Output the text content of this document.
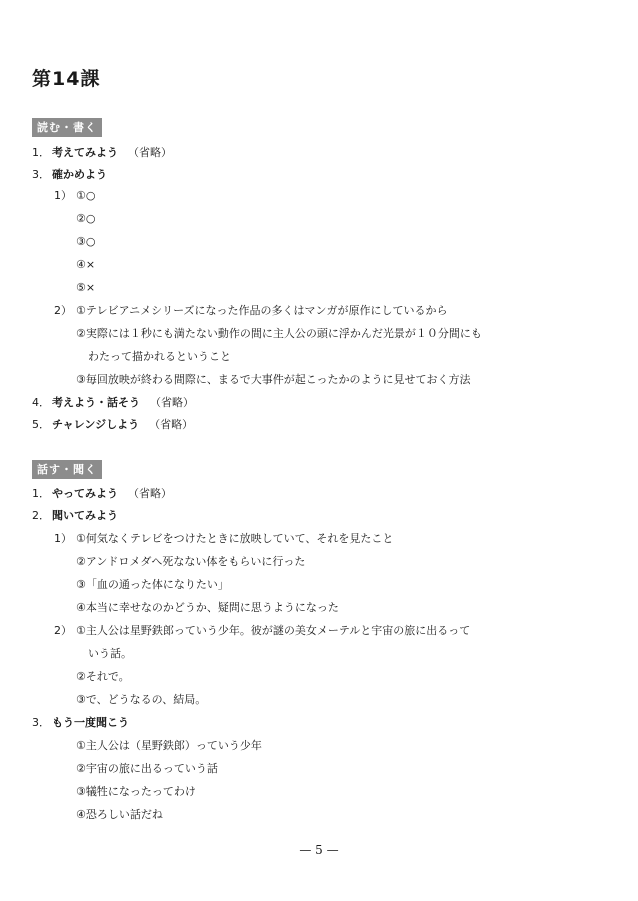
第14課
読む・書く
1． 考えてみよう （省略）
3． 確かめよう
1） ①○
②○
③○
④×
⑤×
2） ①テレビアニメシリーズになった作品の多くはマンガが原作にしているから
②実際には１秒にも満たない動作の間に主人公の頭に浮かんだ光景が１０分間にも
わたって描かれるということ
③毎回放映が終わる間際に、まるで大事件が起こったかのように見せておく方法
4． 考えよう・話そう （省略）
5． チャレンジしよう （省略）
話す・聞く
1． やってみよう （省略）
2． 聞いてみよう
1） ①何気なくテレビをつけたときに放映していて、それを見たこと
②アンドロメダへ死なない体をもらいに行った
③「血の通った体になりたい」
④本当に幸せなのかどうか、疑問に思うようになった
2） ①主人公は星野鉄郎っていう少年。彼が謎の美女メーテルと宇宙の旅に出るって
いう話。
②それで。
③で、どうなるの、結局。
3． もう一度聞こう
①主人公は（星野鉄郎）っていう少年
②宇宙の旅に出るっていう話
③犠牲になったってわけ
④恐ろしい話だね
— 5 —
